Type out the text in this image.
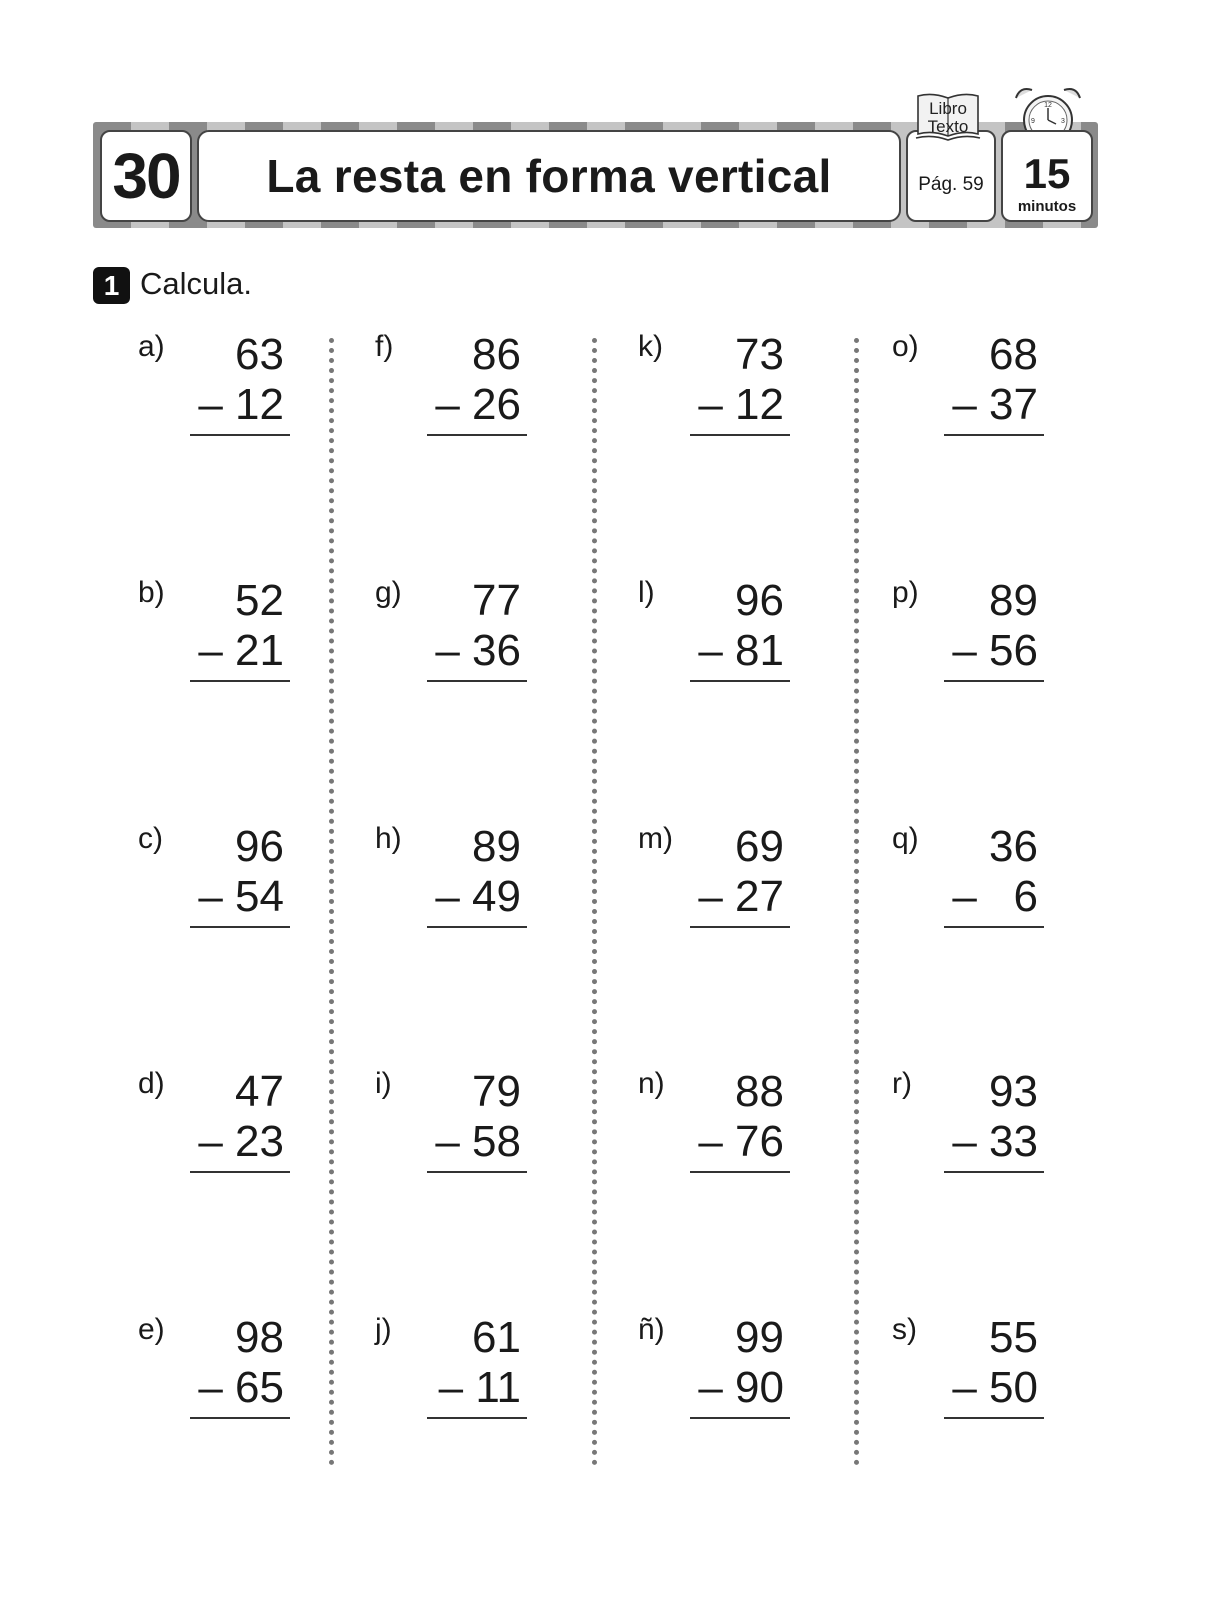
30	La resta en forma vertical	Pág. 59
Libro Texto
12
3
9
15
minutos
1 Calcula.
a) 63
– 12
b) 52
– 21
c) 96
– 54
d) 47
– 23
e) 98
– 65
f) 86
– 26
g) 77
– 36
h) 89
– 49
i) 79
– 58
j) 61
– 11
k) 73
– 12
l) 96
– 81
m) 69
– 27
n) 88
– 76
ñ) 99
– 90
o) 68
– 37
p) 89
– 56
q) 36
–   6
r) 93
– 33
s) 55
– 50
